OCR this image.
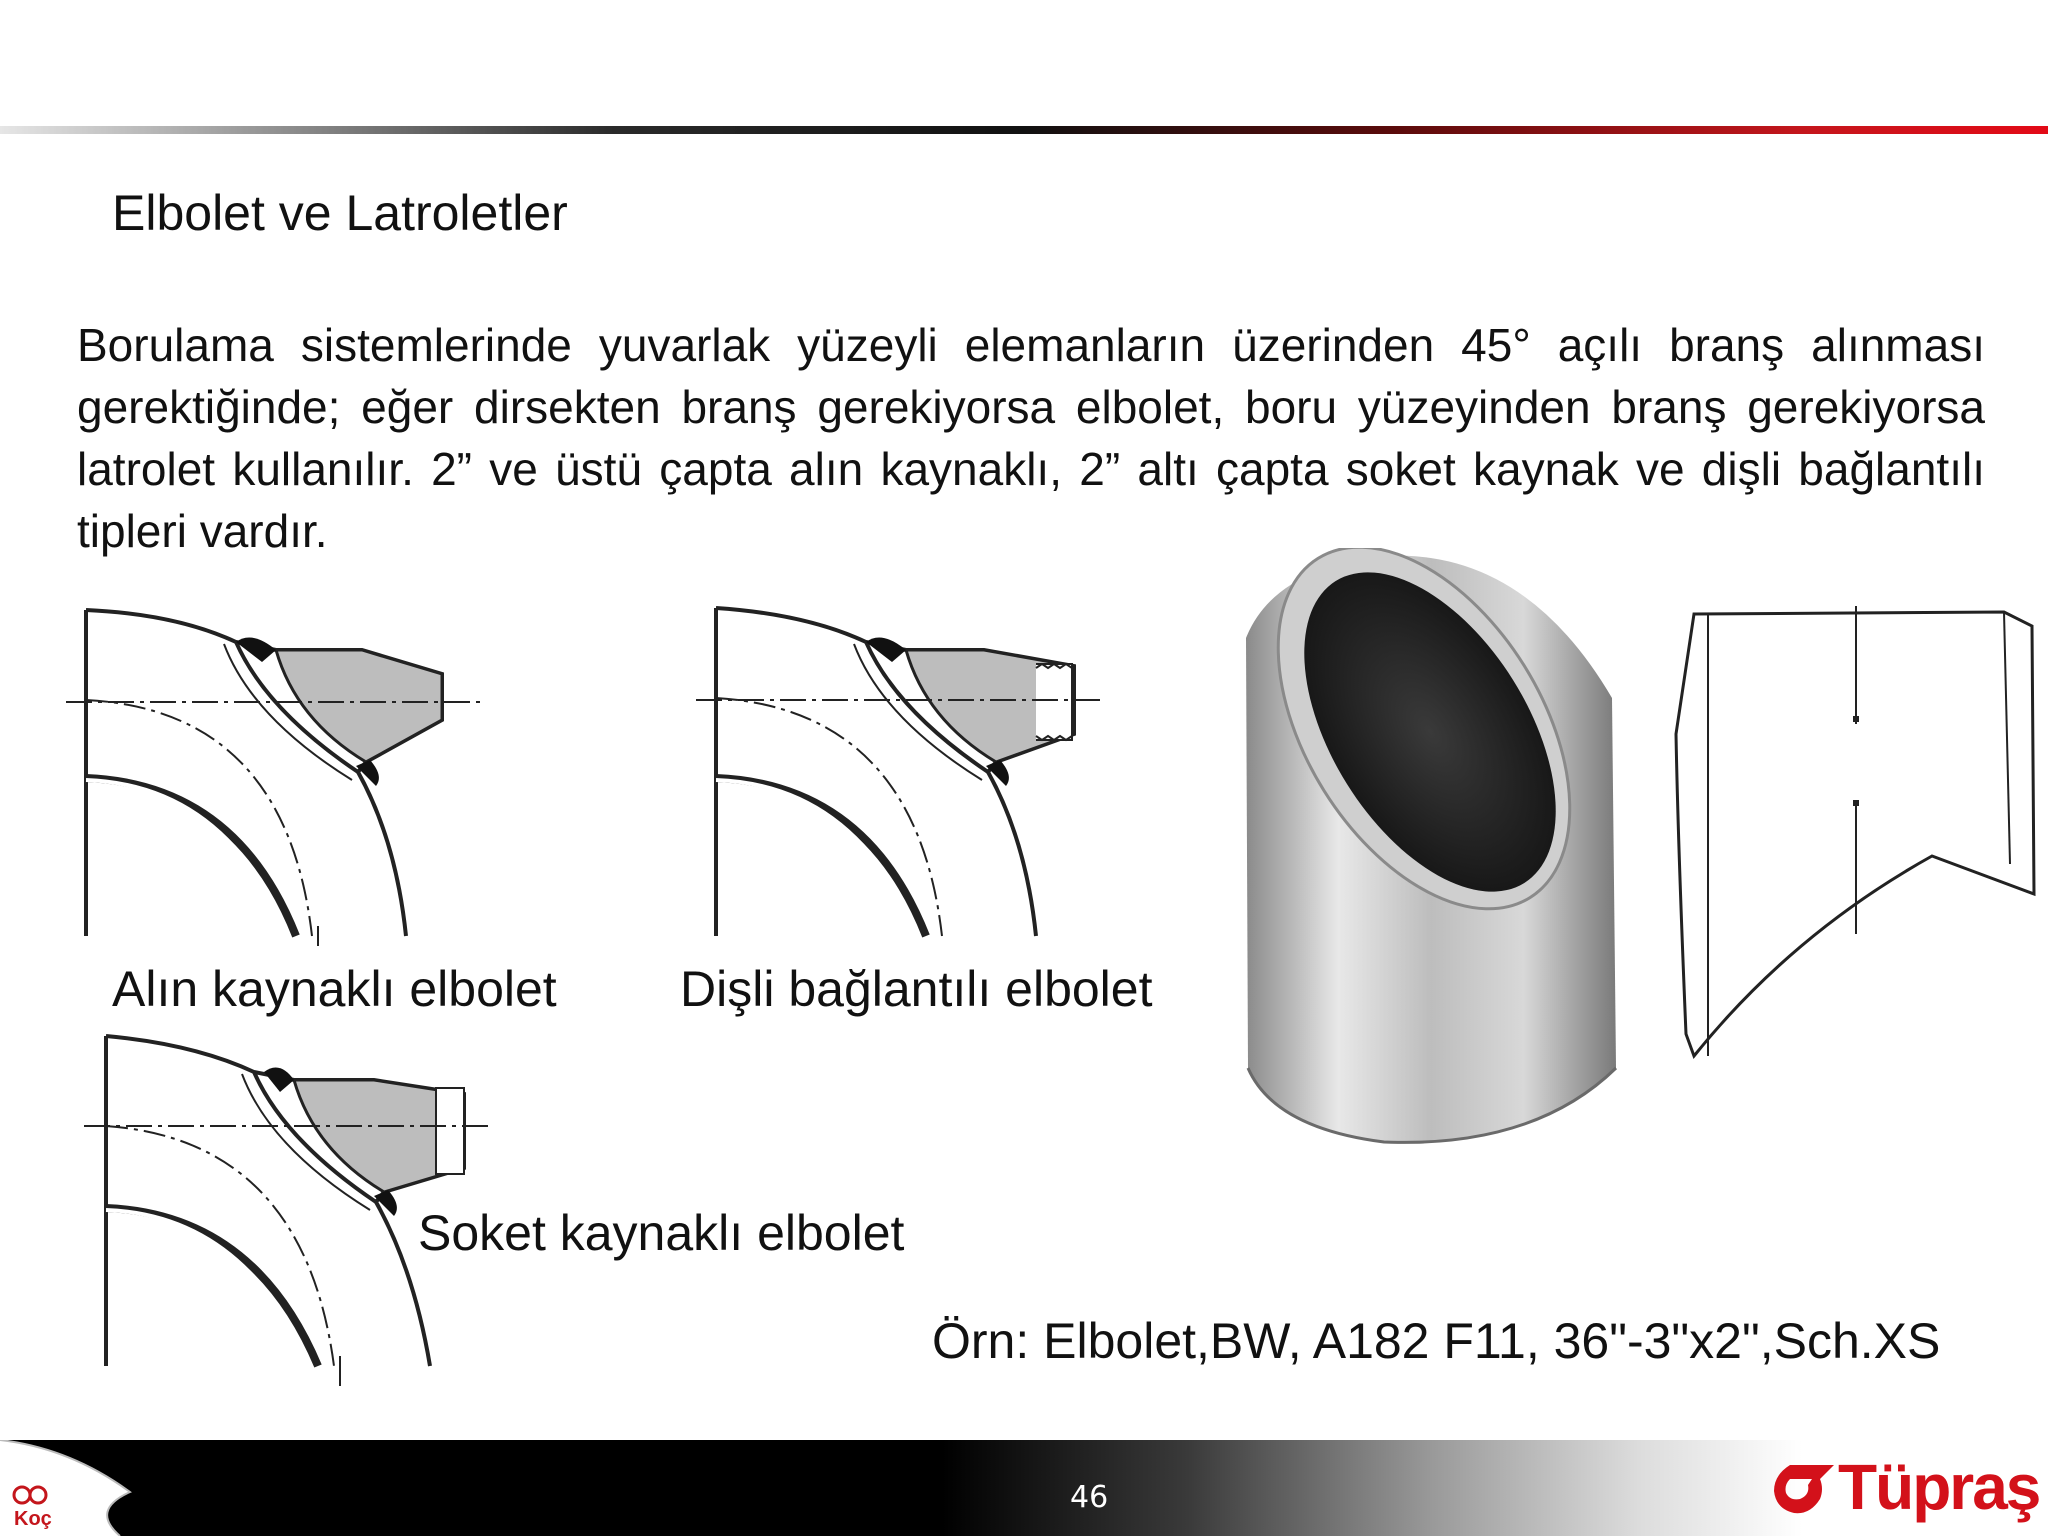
Elbolet ve Latroletler
Borulama sistemlerinde yuvarlak yüzeyli elemanların üzerinden 45° açılı branş alınması gerektiğinde; eğer dirsekten branş gerekiyorsa elbolet, boru yüzeyinden branş gerekiyorsa latrolet kullanılır. 2” ve üstü çapta alın kaynaklı, 2” altı çapta soket kaynak ve dişli bağlantılı tipleri vardır.
Alın kaynaklı elbolet Dişli bağlantılı elbolet
Soket kaynaklı elbolet
Örn: Elbolet,BW, A182 F11, 36"-3"x2",Sch.XS
Koç
46	Tüpraş
